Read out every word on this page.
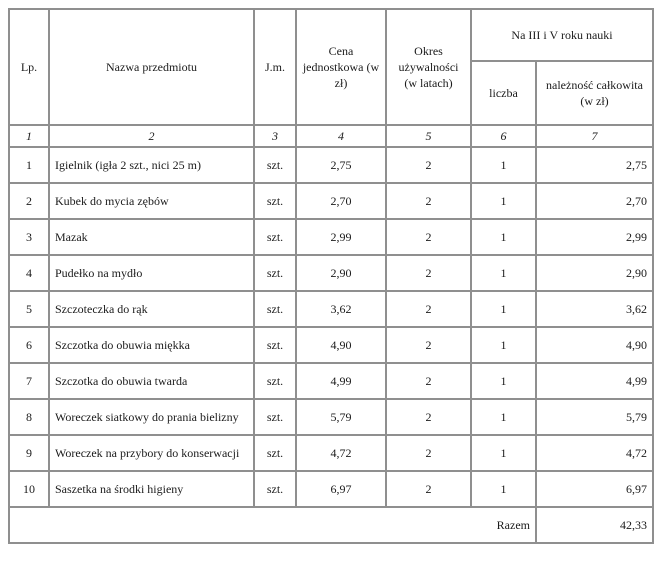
Lp.	Nazwa przedmiotu	J.m.	Cena jednostkowa (w zł)	Okres używalności (w latach)	Na III i V roku nauki	
					liczba	należność całkowita (w zł)
1	2	3	4	5	6	7
1	Igielnik (igła 2 szt., nici 25 m)	szt.	2,75	2	1	2,75
2	Kubek do mycia zębów	szt.	2,70	2	1	2,70
3	Mazak	szt.	2,99	2	1	2,99
4	Pudełko na mydło	szt.	2,90	2	1	2,90
5	Szczoteczka do rąk	szt.	3,62	2	1	3,62
6	Szczotka do obuwia miękka	szt.	4,90	2	1	4,90
7	Szczotka do obuwia twarda	szt.	4,99	2	1	4,99
8	Woreczek siatkowy do prania bielizny	szt.	5,79	2	1	5,79
9	Woreczek na przybory do konserwacji	szt.	4,72	2	1	4,72
10	Saszetka na środki higieny	szt.	6,97	2	1	6,97
Razem						42,33
